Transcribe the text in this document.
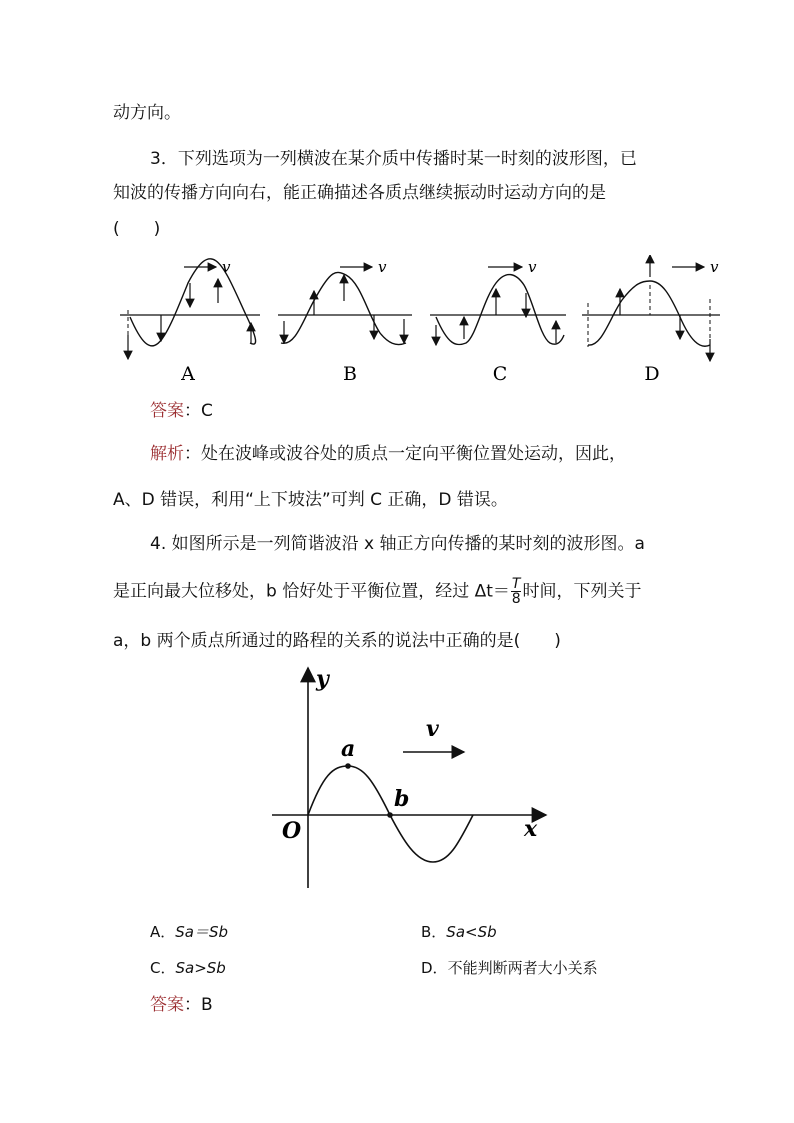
动方向。
3．下列选项为一列横波在某介质中传播时某一时刻的波形图，已
知波的传播方向向右，能正确描述各质点继续振动时运动方向的是
(　　)
v
A
v
B
v
C
v
D
答案：C
解析：处在波峰或波谷处的质点一定向平衡位置处运动，因此，
A、D 错误，利用“上下坡法”可判 C 正确，D 错误。
4. 如图所示是一列简谐波沿 x 轴正方向传播的某时刻的波形图。a
是正向最大位移处，b 恰好处于平衡位置，经过 $\Delta t= \frac{T}{8}$ 时间，下列关于
a，b 两个质点所通过的路程的关系的说法中正确的是(　　)
y
x
O
a
b
v
A．Sa＝Sb	B．Sa<Sb
C．Sa>Sb	D．不能判断两者大小关系
答案：B
